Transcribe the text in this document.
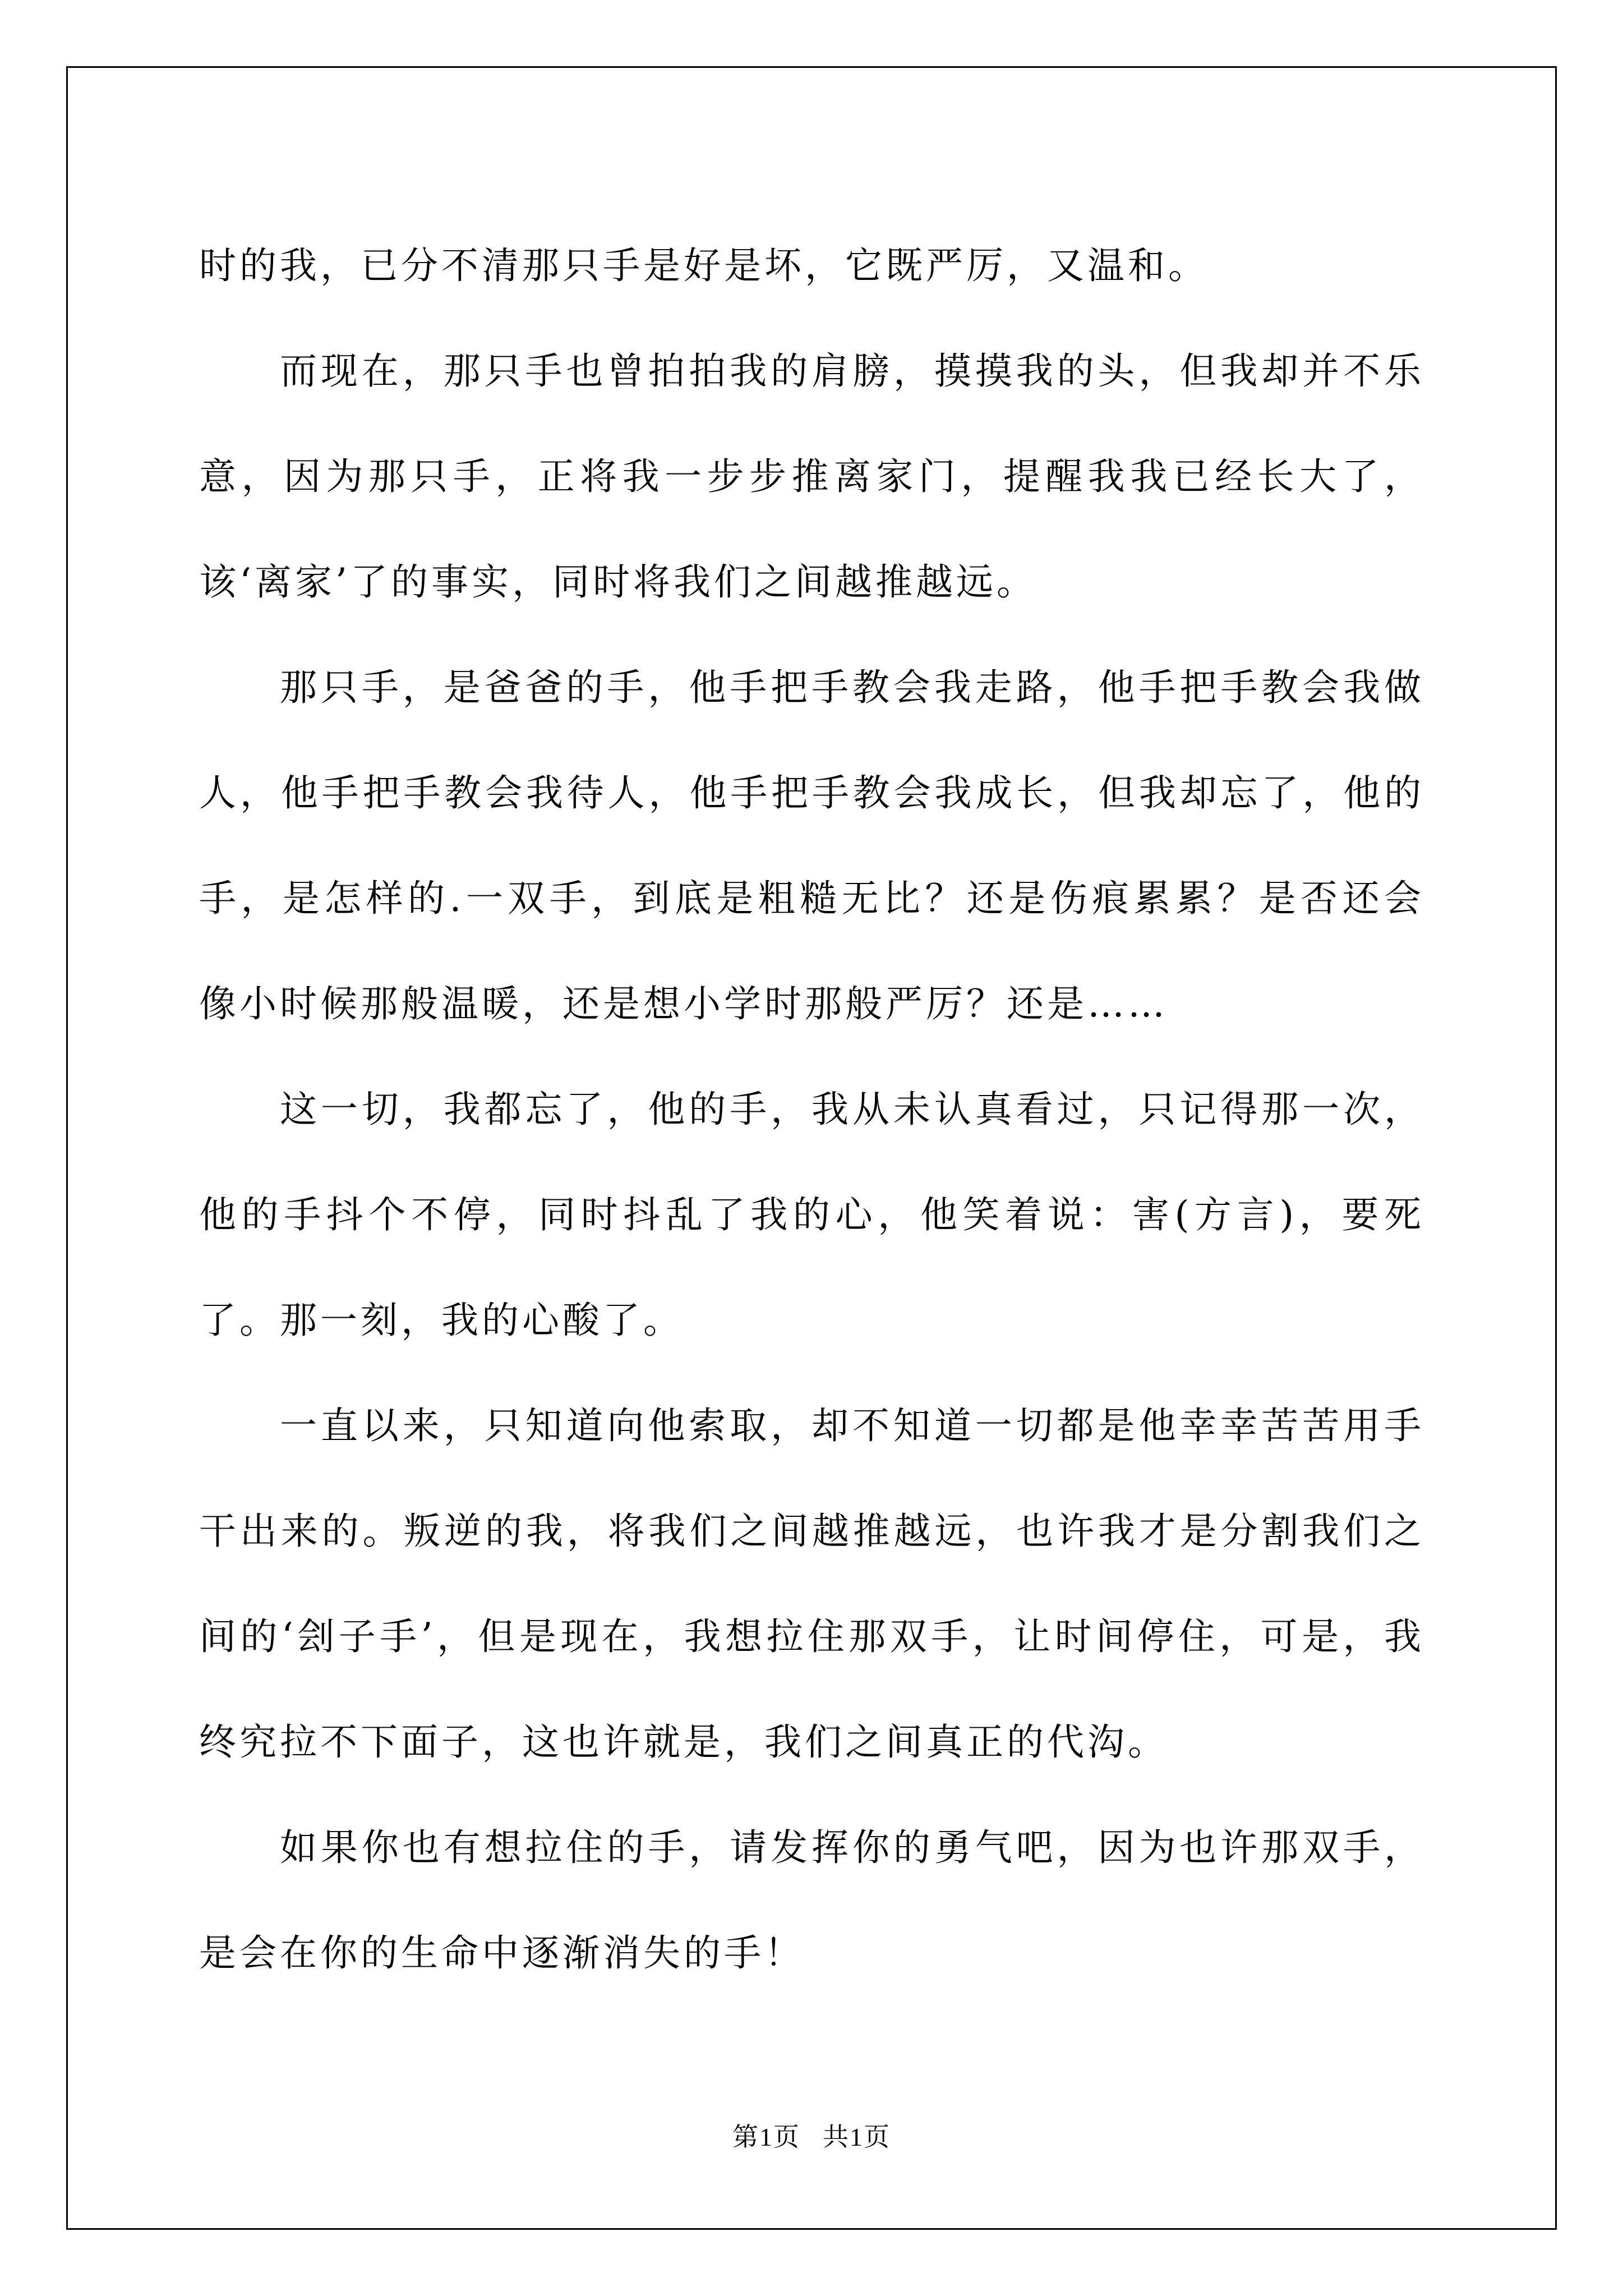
时的我，已分不清那只手是好是坏，它既严厉，又温和。

而现在，那只手也曾拍拍我的肩膀，摸摸我的头，但我却并不乐意，因为那只手，正将我一步步推离家门，提醒我我已经长大了，该‘离家’了的事实，同时将我们之间越推越远。

那只手，是爸爸的手，他手把手教会我走路，他手把手教会我做人，他手把手教会我待人，他手把手教会我成长，但我却忘了，他的手，是怎样的.一双手，到底是粗糙无比？还是伤痕累累？是否还会像小时候那般温暖，还是想小学时那般严厉？还是……

这一切，我都忘了，他的手，我从未认真看过，只记得那一次，他的手抖个不停，同时抖乱了我的心，他笑着说：害(方言)，要死了。那一刻，我的心酸了。

一直以来，只知道向他索取，却不知道一切都是他幸幸苦苦用手干出来的。叛逆的我，将我们之间越推越远，也许我才是分割我们之间的‘刽子手’，但是现在，我想拉住那双手，让时间停住，可是，我终究拉不下面子，这也许就是，我们之间真正的代沟。

如果你也有想拉住的手，请发挥你的勇气吧，因为也许那双手，是会在你的生命中逐渐消失的手！

第1页 共1页
